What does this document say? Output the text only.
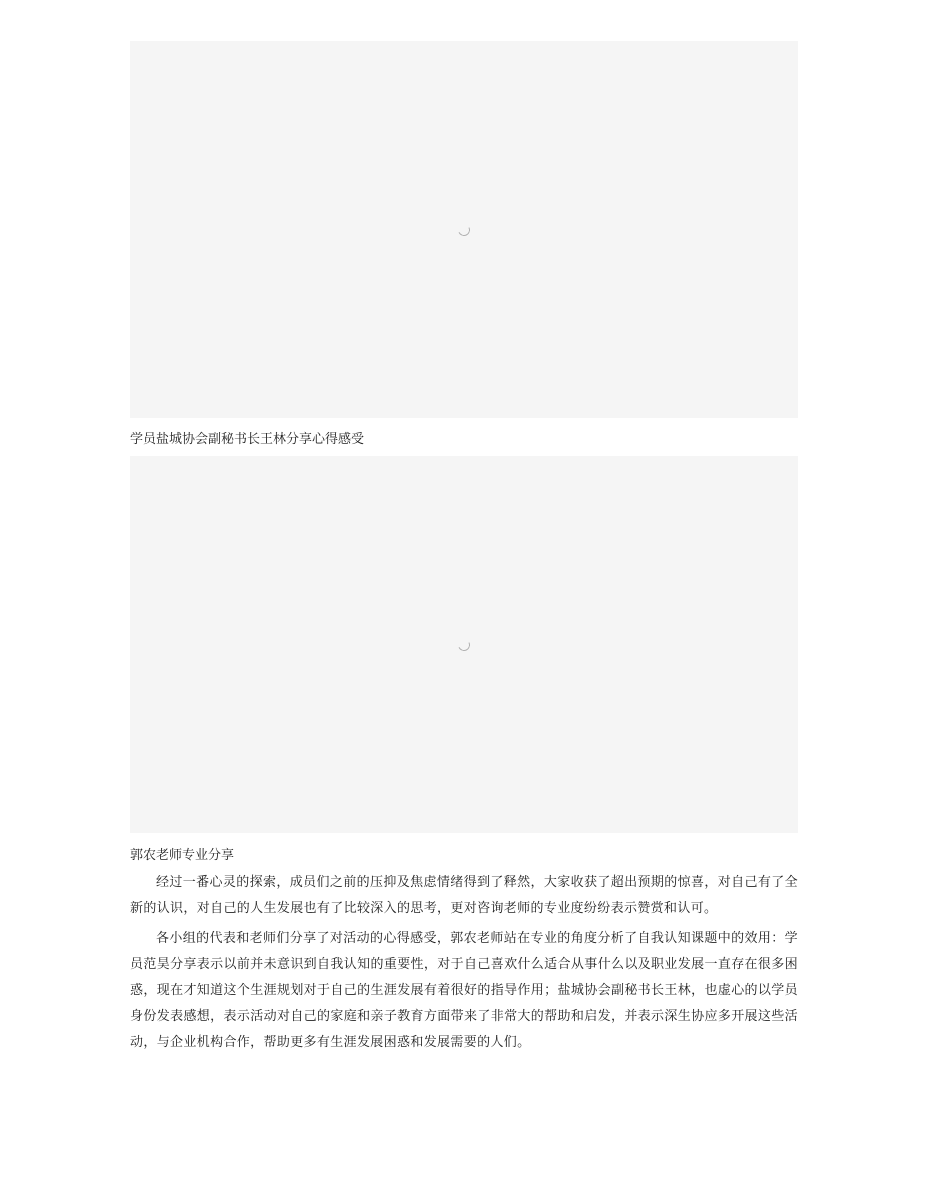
学员盐城协会副秘书长王林分享心得感受
郭农老师专业分享

经过一番心灵的探索，成员们之前的压抑及焦虑情绪得到了释然，大家收获了超出预期的惊喜，对自己有了全新的认识，对自己的人生发展也有了比较深入的思考，更对咨询老师的专业度纷纷表示赞赏和认可。

各小组的代表和老师们分享了对活动的心得感受，郭农老师站在专业的角度分析了自我认知课题中的效用：学员范昊分享表示以前并未意识到自我认知的重要性，对于自己喜欢什么适合从事什么以及职业发展一直存在很多困惑，现在才知道这个生涯规划对于自己的生涯发展有着很好的指导作用；盐城协会副秘书长王林，也虚心的以学员身份发表感想，表示活动对自己的家庭和亲子教育方面带来了非常大的帮助和启发，并表示深生协应多开展这些活动，与企业机构合作，帮助更多有生涯发展困惑和发展需要的人们。
